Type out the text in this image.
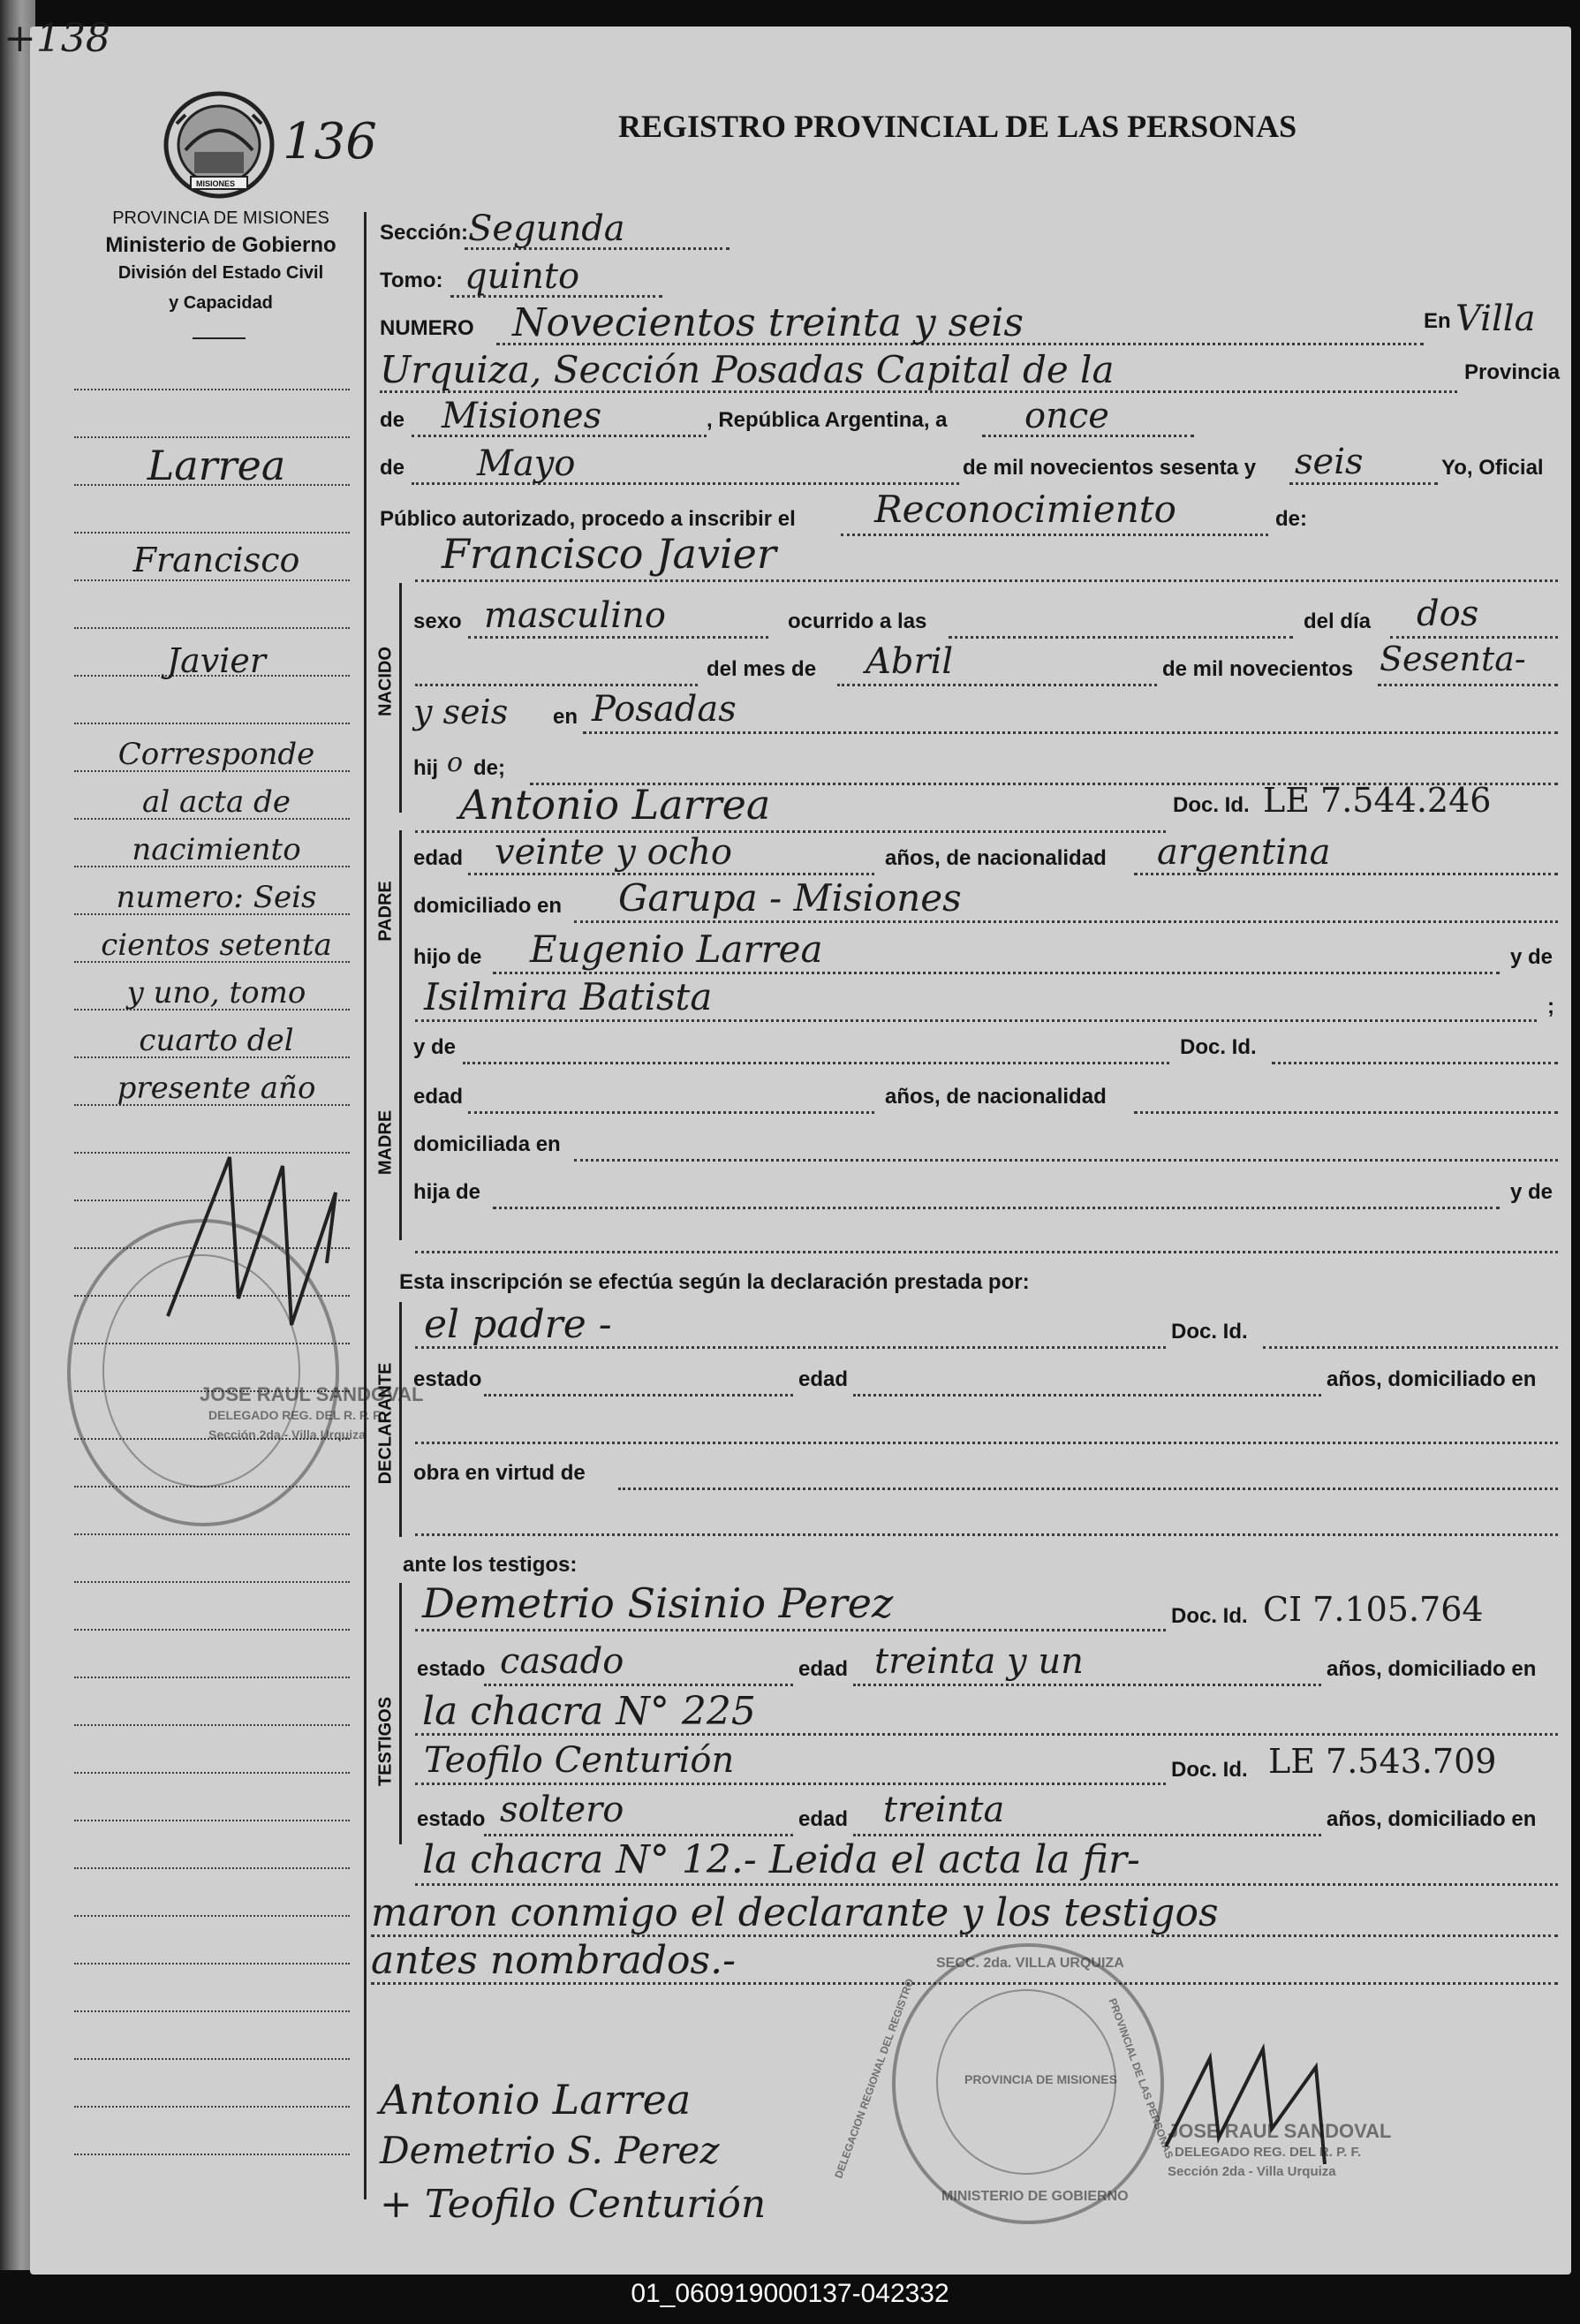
+138
MISIONES
136	REGISTRO PROVINCIAL DE LAS PERSONAS
PROVINCIA DE MISIONES
Ministerio de Gobierno
División del Estado Civil
y Capacidad
Larrea
Francisco
Javier
Corresponde
al acta de
nacimiento
numero: Seis
cientos setenta
y uno, tomo
cuarto del
presente año
Sección: Segunda
Tomo: quinto
NUMERO Novecientos treinta y seis	En Villa
Urquiza, Sección Posadas Capital de la	Provincia
de Misiones	, República Argentina, a once
de Mayo	de mil novecientos sesenta y seis	Yo, Oficial
Público autorizado, procedo a inscribir el Reconocimiento	de:
NACIDO
Francisco Javier
sexo masculino	ocurrido a las	del día dos
del mes de Abril	de mil novecientos Sesenta-
y seis en Posadas
hij o de;
PADRE
Antonio Larrea	Doc. Id. LE 7.544.246
edad veinte y ocho	años, de nacionalidad argentina
domiciliado en Garupa - Misiones
hijo de Eugenio Larrea	y de
Isilmira Batista	;
MADRE
y de	Doc. Id.
edad	años, de nacionalidad
domiciliada en
hija de	y de
Esta inscripción se efectúa según la declaración prestada por:
DECLARANTE
el padre -	Doc. Id.
estado	edad	años, domiciliado en
obra en virtud de
ante los testigos:
TESTIGOS
Demetrio Sisinio Perez	Doc. Id. CI 7.105.764
estado casado	edad treinta y un	años, domiciliado en
la chacra N° 225
Teofilo Centurión	Doc. Id. LE 7.543.709
estado soltero	edad treinta	años, domiciliado en
la chacra N° 12.- Leida el acta la fir-
maron conmigo el declarante y los testigos
antes nombrados.-
Antonio Larrea
Demetrio S. Perez
+ Teofilo Centurión
JOSE RAUL SANDOVAL
DELEGADO REG. DEL R. P. F.
Sección 2da - Villa Urquiza
SECC. 2da. VILLA URQUIZA
MINISTERIO DE GOBIERNO
PROVINCIA DE MISIONES
DELEGACION REGIONAL DEL REGISTRO	PROVINCIAL DE LAS PERSONAS
JOSE RAUL SANDOVAL
DELEGADO REG. DEL R. P. F.
Sección 2da - Villa Urquiza
01_060919000137-042332
